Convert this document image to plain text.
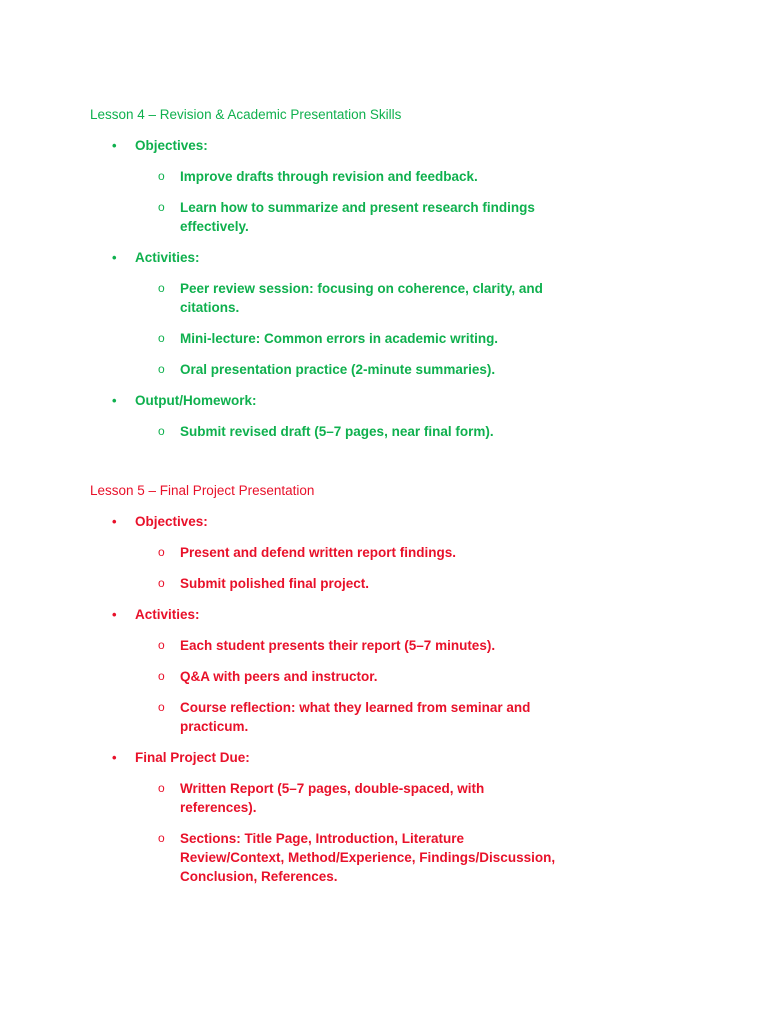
Lesson 4 – Revision & Academic Presentation Skills
• Objectives:
o Improve drafts through revision and feedback.
o Learn how to summarize and present research findings effectively.
• Activities:
o Peer review session: focusing on coherence, clarity, and citations.
o Mini-lecture: Common errors in academic writing.
o Oral presentation practice (2-minute summaries).
• Output/Homework:
o Submit revised draft (5–7 pages, near final form).
Lesson 5 – Final Project Presentation
• Objectives:
o Present and defend written report findings.
o Submit polished final project.
• Activities:
o Each student presents their report (5–7 minutes).
o Q&A with peers and instructor.
o Course reflection: what they learned from seminar and practicum.
• Final Project Due:
o Written Report (5–7 pages, double-spaced, with references).
o Sections: Title Page, Introduction, Literature Review/Context, Method/Experience, Findings/Discussion, Conclusion, References.
